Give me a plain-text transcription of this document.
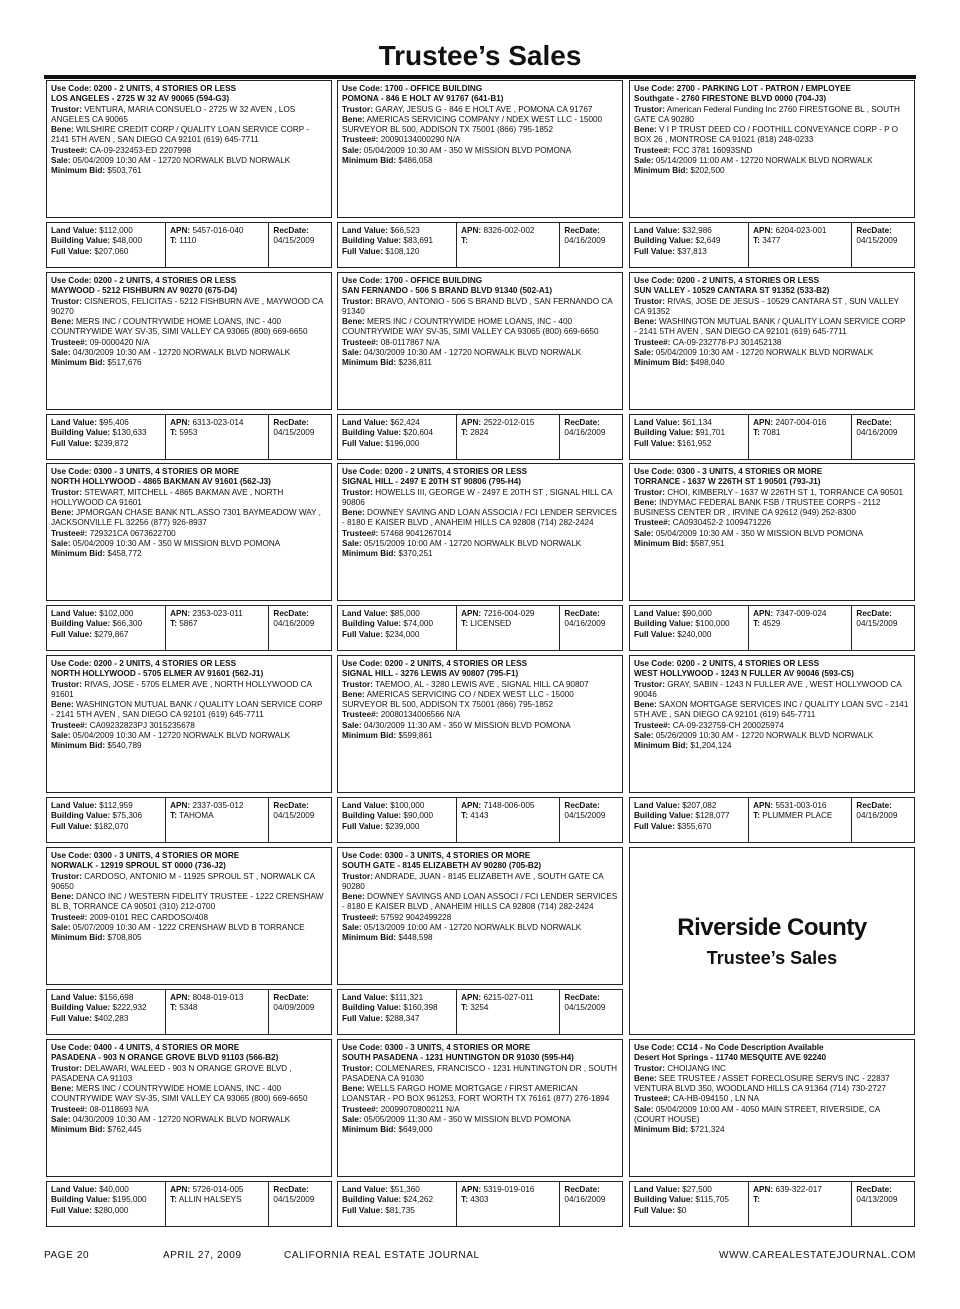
Trustee’s Sales
Use Code: 0200 - 2 UNITS, 4 STORIES OR LESS
LOS ANGELES - 2725 W 32 AV 90065 (594-G3)
Trustor: VENTURA, MARIA CONSUELO - 2725 W 32 AVEN , LOS ANGELES CA 90065
Bene: WILSHIRE CREDIT CORP / QUALITY LOAN SERVICE CORP - 2141 5TH AVEN , SAN DIEGO CA 92101 (619) 645-7711
Trustee#: CA-09-232453-ED 2207998
Sale: 05/04/2009 10:30 AM - 12720 NORWALK BLVD NORWALK
Minimum Bid: $503,761
Land Value: $112,000
Building Value: $48,000
Full Value: $207,060
APN: 5457-016-040
T: 1110
RecDate:
04/15/2009
Use Code: 1700 - OFFICE BUILDING
POMONA - 846 E HOLT AV 91767 (641-B1)
Trustor: GARAY, JESUS G - 846 E HOLT AVE , POMONA CA 91767
Bene: AMERICAS SERVICING COMPANY / NDEX WEST LLC - 15000 SURVEYOR BL 500, ADDISON TX 75001 (866) 795-1852
Trustee#: 20090134000290 N/A
Sale: 05/04/2009 10:30 AM - 350 W MISSION BLVD POMONA
Minimum Bid: $486,058
Land Value: $66,523
Building Value: $83,691
Full Value: $108,120
APN: 8326-002-002
T:
RecDate:
04/16/2009
Use Code: 2700 - PARKING LOT - PATRON / EMPLOYEE
Southgate - 2760 FIRESTONE BLVD 0000 (704-J3)
Trustor: American Federal Funding Inc 2760 FIRESTGONE BL , SOUTH GATE CA 90280
Bene: V I P TRUST DEED CO / FOOTHILL CONVEYANCE CORP - P O BOX 26 , MONTROSE CA 91021 (818) 248-0233
Trustee#: FCC 3781 16093SND
Sale: 05/14/2009 11:00 AM - 12720 NORWALK BLVD NORWALK
Minimum Bid: $202,500
Land Value: $32,986
Building Value: $2,649
Full Value: $37,813
APN: 6204-023-001
T: 3477
RecDate:
04/15/2009
Use Code: 0200 - 2 UNITS, 4 STORIES OR LESS
MAYWOOD - 5212 FISHBURN AV 90270 (675-D4)
Trustor: CISNEROS, FELICITAS - 5212 FISHBURN AVE , MAYWOOD CA 90270
Bene: MERS INC / COUNTRYWIDE HOME LOANS, INC - 400 COUNTRYWIDE WAY SV-35, SIMI VALLEY CA 93065 (800) 669-6650
Trustee#: 09-0000420 N/A
Sale: 04/30/2009 10:30 AM - 12720 NORWALK BLVD NORWALK
Minimum Bid: $517,676
Land Value: $95,406
Building Value: $130,633
Full Value: $239,872
APN: 6313-023-014
T: 5953
RecDate:
04/15/2009
Use Code: 1700 - OFFICE BUILDING
SAN FERNANDO - 506 S BRAND BLVD 91340 (502-A1)
Trustor: BRAVO, ANTONIO - 506 S BRAND BLVD , SAN FERNANDO CA 91340
Bene: MERS INC / COUNTRYWIDE HOME LOANS, INC - 400 COUNTRYWIDE WAY SV-35, SIMI VALLEY CA 93065 (800) 669-6650
Trustee#: 08-0117867 N/A
Sale: 04/30/2009 10:30 AM - 12720 NORWALK BLVD NORWALK
Minimum Bid: $236,811
Land Value: $62,424
Building Value: $20,604
Full Value: $196,000
APN: 2522-012-015
T: 2824
RecDate:
04/16/2009
Use Code: 0200 - 2 UNITS, 4 STORIES OR LESS
SUN VALLEY - 10529 CANTARA ST 91352 (533-B2)
Trustor: RIVAS, JOSE DE JESUS - 10529 CANTARA ST , SUN VALLEY CA 91352
Bene: WASHINGTON MUTUAL BANK / QUALITY LOAN SERVICE CORP - 2141 5TH AVEN , SAN DIEGO CA 92101 (619) 645-7711
Trustee#: CA-09-232778-PJ 301452138
Sale: 05/04/2009 10:30 AM - 12720 NORWALK BLVD NORWALK
Minimum Bid: $498,040
Land Value: $61,134
Building Value: $91,701
Full Value: $161,952
APN: 2407-004-016
T: 7081
RecDate:
04/16/2009
Use Code: 0300 - 3 UNITS, 4 STORIES OR MORE
NORTH HOLLYWOOD - 4865 BAKMAN AV 91601 (562-J3)
Trustor: STEWART, MITCHELL - 4865 BAKMAN AVE , NORTH HOLLYWOOD CA 91601
Bene: JPMORGAN CHASE BANK NTL.ASSO 7301 BAYMEADOW WAY , JACKSONVILLE FL 32256 (877) 926-8937
Trustee#: 729321CA 0673622700
Sale: 05/04/2009 10:30 AM - 350 W MISSION BLVD POMONA
Minimum Bid: $458,772
Land Value: $102,000
Building Value: $66,300
Full Value: $279,867
APN: 2353-023-011
T: 5867
RecDate:
04/16/2009
Use Code: 0200 - 2 UNITS, 4 STORIES OR LESS
SIGNAL HILL - 2497 E 20TH ST 90806 (795-H4)
Trustor: HOWELLS III, GEORGE W - 2497 E 20TH ST , SIGNAL HILL CA 90806
Bene: DOWNEY SAVING AND LOAN ASSOCIA / FCI LENDER SERVICES - 8180 E KAISER BLVD , ANAHEIM HILLS CA 92808 (714) 282-2424
Trustee#: 57468 9041267014
Sale: 05/15/2009 10:00 AM - 12720 NORWALK BLVD NORWALK
Minimum Bid: $370,251
Land Value: $85,000
Building Value: $74,000
Full Value: $234,000
APN: 7216-004-029
T: LICENSED
RecDate:
04/16/2009
Use Code: 0300 - 3 UNITS, 4 STORIES OR MORE
TORRANCE - 1637 W 226TH ST 1 90501 (793-J1)
Trustor: CHOI, KIMBERLY - 1637 W 226TH ST 1, TORRANCE CA 90501
Bene: INDYMAC FEDERAL BANK FSB / TRUSTEE CORPS - 2112 BUSINESS CENTER DR , IRVINE CA 92612 (949) 252-8300
Trustee#: CA0930452-2 1009471226
Sale: 05/04/2009 10:30 AM - 350 W MISSION BLVD POMONA
Minimum Bid: $587,951
Land Value: $90,000
Building Value: $100,000
Full Value: $240,000
APN: 7347-009-024
T: 4529
RecDate:
04/15/2009
Use Code: 0200 - 2 UNITS, 4 STORIES OR LESS
NORTH HOLLYWOOD - 5705 ELMER AV 91601 (562-J1)
Trustor: RIVAS, JOSE - 5705 ELMER AVE , NORTH HOLLYWOOD CA 91601
Bene: WASHINGTON MUTUAL BANK / QUALITY LOAN SERVICE CORP - 2141 5TH AVEN , SAN DIEGO CA 92101 (619) 645-7711
Trustee#: CA09232823PJ 3015235678
Sale: 05/04/2009 10:30 AM - 12720 NORWALK BLVD NORWALK
Minimum Bid: $540,789
Land Value: $112,959
Building Value: $75,306
Full Value: $182,070
APN: 2337-035-012
T: TAHOMA
RecDate:
04/15/2009
Use Code: 0200 - 2 UNITS, 4 STORIES OR LESS
SIGNAL HILL - 3276 LEWIS AV 90807 (795-F1)
Trustor: TAEMOO, AL - 3280 LEWIS AVE , SIGNAL HILL CA 90807
Bene: AMERICAS SERVICING CO / NDEX WEST LLC - 15000 SURVEYOR BL 500, ADDISON TX 75001 (866) 795-1852
Trustee#: 20080134006566 N/A
Sale: 04/30/2009 11:30 AM - 350 W MISSION BLVD POMONA
Minimum Bid: $599,861
Land Value: $100,000
Building Value: $90,000
Full Value: $239,000
APN: 7148-006-005
T: 4143
RecDate:
04/15/2009
Use Code: 0200 - 2 UNITS, 4 STORIES OR LESS
WEST HOLLYWOOD - 1243 N FULLER AV 90046 (593-C5)
Trustor: GRAY, SABIN - 1243 N FULLER AVE , WEST HOLLYWOOD CA 90046
Bene: SAXON MORTGAGE SERVICES INC / QUALITY LOAN SVC - 2141 5TH AVE , SAN DIEGO CA 92101 (619) 645-7711
Trustee#: CA-09-232759-CH 200025974
Sale: 05/26/2009 10:30 AM - 12720 NORWALK BLVD NORWALK
Minimum Bid: $1,204,124
Land Value: $207,082
Building Value: $128,077
Full Value: $355,670
APN: 5531-003-016
T: PLUMMER PLACE
RecDate:
04/16/2009
Use Code: 0300 - 3 UNITS, 4 STORIES OR MORE
NORWALK - 12919 SPROUL ST 0000 (736-J2)
Trustor: CARDOSO, ANTONIO M - 11925 SPROUL ST , NORWALK CA 90650
Bene: DANCO INC / WESTERN FIDELITY TRUSTEE - 1222 CRENSHAW BL B, TORRANCE CA 90501 (310) 212-0700
Trustee#: 2009-0101 REC CARDOSO/408
Sale: 05/07/2009 10:30 AM - 1222 CRENSHAW BLVD B TORRANCE
Minimum Bid: $708,805
Land Value: $156,698
Building Value: $222,932
Full Value: $402,283
APN: 8048-019-013
T: 5348
RecDate:
04/09/2009
Use Code: 0300 - 3 UNITS, 4 STORIES OR MORE
SOUTH GATE - 8145 ELIZABETH AV 90280 (705-B2)
Trustor: ANDRADE, JUAN - 8145 ELIZABETH AVE , SOUTH GATE CA 90280
Bene: DOWNEY SAVINGS AND LOAN ASSOCI / FCI LENDER SERVICES - 8180 E KAISER BLVD , ANAHEIM HILLS CA 92808 (714) 282-2424
Trustee#: 57592 9042499228
Sale: 05/13/2009 10:00 AM - 12720 NORWALK BLVD NORWALK
Minimum Bid: $448,598
Land Value: $111,321
Building Value: $160,398
Full Value: $288,347
APN: 6215-027-011
T: 3254
RecDate:
04/15/2009
Use Code: 0400 - 4 UNITS, 4 STORIES OR MORE
PASADENA - 903 N ORANGE GROVE BLVD 91103 (566-B2)
Trustor: DELAWARI, WALEED - 903 N ORANGE GROVE BLVD , PASADENA CA 91103
Bene: MERS INC / COUNTRYWIDE HOME LOANS, INC - 400 COUNTRYWIDE WAY SV-35, SIMI VALLEY CA 93065 (800) 669-6650
Trustee#: 08-0118693 N/A
Sale: 04/30/2009 10:30 AM - 12720 NORWALK BLVD NORWALK
Minimum Bid: $762,445
Land Value: $40,000
Building Value: $195,000
Full Value: $280,000
APN: 5726-014-005
T: ALLIN HALSEYS
RecDate:
04/15/2009
Use Code: 0300 - 3 UNITS, 4 STORIES OR MORE
SOUTH PASADENA - 1231 HUNTINGTON DR 91030 (595-H4)
Trustor: COLMENARES, FRANCISCO - 1231 HUNTINGTON DR , SOUTH PASADENA CA 91030
Bene: WELLS FARGO HOME MORTGAGE / FIRST AMERICAN LOANSTAR - PO BOX 961253, FORT WORTH TX 76161 (877) 276-1894
Trustee#: 20099070800211 N/A
Sale: 05/05/2009 11:30 AM - 350 W MISSION BLVD POMONA
Minimum Bid: $649,000
Land Value: $51,360
Building Value: $24,262
Full Value: $81,735
APN: 5319-019-016
T: 4303
RecDate:
04/16/2009
Use Code: CC14 - No Code Description Available
Desert Hot Springs - 11740 MESQUITE AVE 92240
Trustor: CHOIJANG INC
Bene: SEE TRUSTEE / ASSET FORECLOSURE SERVS INC - 22837 VENTURA BLVD 350, WOODLAND HILLS CA 91364 (714) 730-2727
Trustee#: CA-HB-094150 , LN NA
Sale: 05/04/2009 10:00 AM - 4050 MAIN STREET, RIVERSIDE, CA (COURT HOUSE)
Minimum Bid: $721,324
Land Value: $27,500
Building Value: $115,705
Full Value: $0
APN: 639-322-017
T:
RecDate:
04/13/2009
Riverside County
Trustee’s Sales
PAGE 20	APRIL 27, 2009	CALIFORNIA REAL ESTATE JOURNAL	WWW.CAREALESTATEJOURNAL.COM
